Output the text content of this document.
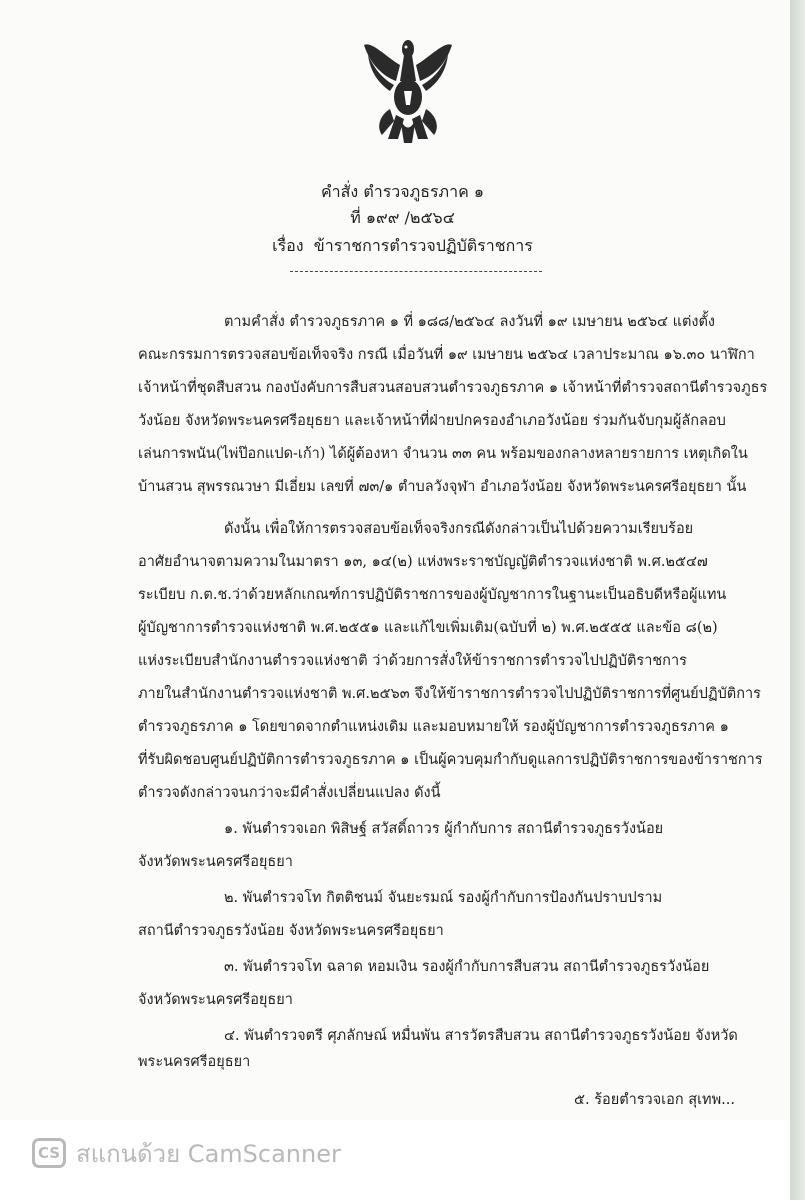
คำสั่ง ตำรวจภูธรภาค ๑
ที่ ๑๙๙ /๒๕๖๔
เรื่อง ข้าราชการตำรวจปฏิบัติราชการ
ตามคำสั่ง ตำรวจภูธรภาค ๑ ที่ ๑๘๘/๒๕๖๔ ลงวันที่ ๑๙ เมษายน ๒๕๖๔ แต่งตั้ง
คณะกรรมการตรวจสอบข้อเท็จจริง กรณี เมื่อวันที่ ๑๙ เมษายน ๒๕๖๔ เวลาประมาณ ๑๖.๓๐ นาฬิกา
เจ้าหน้าที่ชุดสืบสวน กองบังคับการสืบสวนสอบสวนตำรวจภูธรภาค ๑ เจ้าหน้าที่ตำรวจสถานีตำรวจภูธร
วังน้อย จังหวัดพระนครศรีอยุธยา และเจ้าหน้าที่ฝ่ายปกครองอำเภอวังน้อย ร่วมกันจับกุมผู้ลักลอบ
เล่นการพนัน(ไพ่ป๊อกแปด-เก้า) ได้ผู้ต้องหา จำนวน ๓๓ คน พร้อมของกลางหลายรายการ เหตุเกิดใน
บ้านสวน สุพรรณวษา มีเอี่ยม เลขที่ ๗๓/๑ ตำบลวังจุฬา อำเภอวังน้อย จังหวัดพระนครศรีอยุธยา นั้น
ดังนั้น เพื่อให้การตรวจสอบข้อเท็จจริงกรณีดังกล่าวเป็นไปด้วยความเรียบร้อย
อาศัยอำนาจตามความในมาตรา ๑๓, ๑๔(๒) แห่งพระราชบัญญัติตำรวจแห่งชาติ พ.ศ.๒๕๔๗
ระเบียบ ก.ต.ช.ว่าด้วยหลักเกณฑ์การปฏิบัติราชการของผู้บัญชาการในฐานะเป็นอธิบดีหรือผู้แทน
ผู้บัญชาการตำรวจแห่งชาติ พ.ศ.๒๕๕๑ และแก้ไขเพิ่มเติม(ฉบับที่ ๒) พ.ศ.๒๕๕๕ และข้อ ๘(๒)
แห่งระเบียบสำนักงานตำรวจแห่งชาติ ว่าด้วยการสั่งให้ข้าราชการตำรวจไปปฏิบัติราชการ
ภายในสำนักงานตำรวจแห่งชาติ พ.ศ.๒๕๖๓ จึงให้ข้าราชการตำรวจไปปฏิบัติราชการที่ศูนย์ปฏิบัติการ
ตำรวจภูธรภาค ๑ โดยขาดจากตำแหน่งเดิม และมอบหมายให้ รองผู้บัญชาการตำรวจภูธรภาค ๑
ที่รับผิดชอบศูนย์ปฏิบัติการตำรวจภูธรภาค ๑ เป็นผู้ควบคุมกำกับดูแลการปฏิบัติราชการของข้าราชการ
ตำรวจดังกล่าวจนกว่าจะมีคำสั่งเปลี่ยนแปลง ดังนี้
๑. พันตำรวจเอก พิสิษฐ์ สวัสดิ์ถาวร ผู้กำกับการ สถานีตำรวจภูธรวังน้อย
จังหวัดพระนครศรีอยุธยา
๒. พันตำรวจโท กิตติชนม์ จันยะรมณ์ รองผู้กำกับการป้องกันปราบปราม
สถานีตำรวจภูธรวังน้อย จังหวัดพระนครศรีอยุธยา
๓. พันตำรวจโท ฉลาด หอมเงิน รองผู้กำกับการสืบสวน สถานีตำรวจภูธรวังน้อย
จังหวัดพระนครศรีอยุธยา
๔. พันตำรวจตรี ศุภลักษณ์ หมื่นพัน สารวัตรสืบสวน สถานีตำรวจภูธรวังน้อย จังหวัด
พระนครศรีอยุธยา
๕. ร้อยตำรวจเอก สุเทพ...
CS สแกนด้วย CamScanner
